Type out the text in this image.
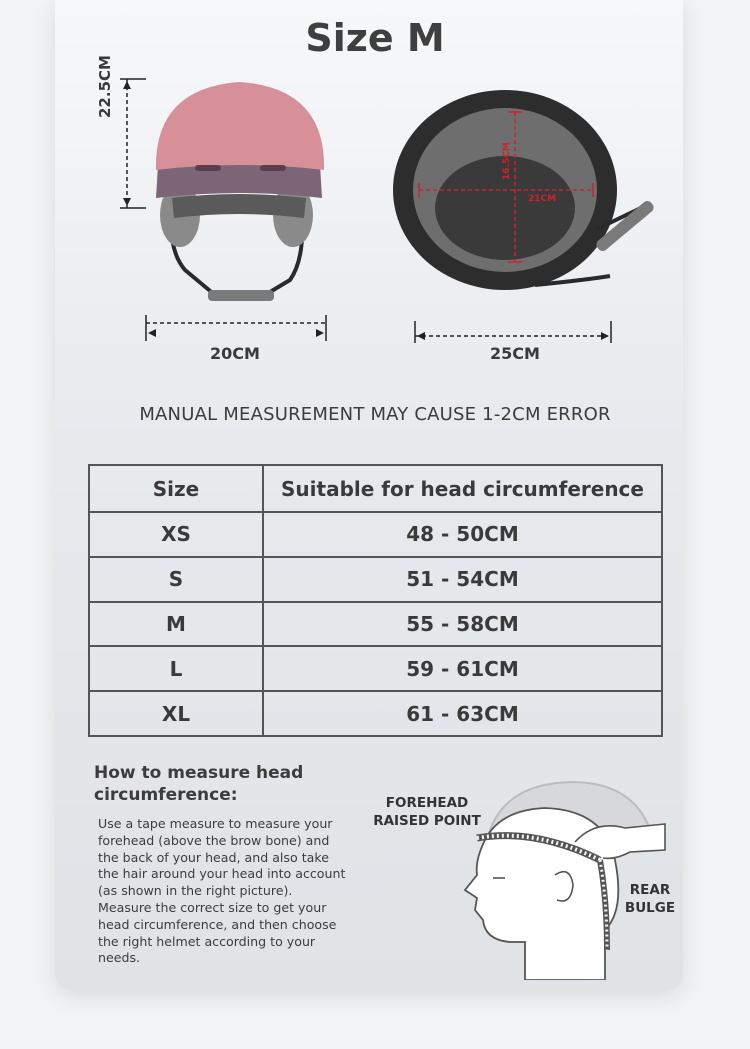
Size M
22.5CM
20CM
16.5CM
21CM
25CM
MANUAL MEASUREMENT MAY CAUSE 1-2CM ERROR
Size	Suitable for head circumference
XS	48 - 50CM
S	51 - 54CM
M	55 - 58CM
L	59 - 61CM
XL	61 - 63CM
How to measure head circumference:
Use a tape measure to measure your forehead (above the brow bone) and the back of your head, and also take the hair around your head into account (as shown in the right picture). Measure the correct size to get your head circumference, and then choose the right helmet according to your needs.
FOREHEAD RAISED POINT
REAR BULGE
